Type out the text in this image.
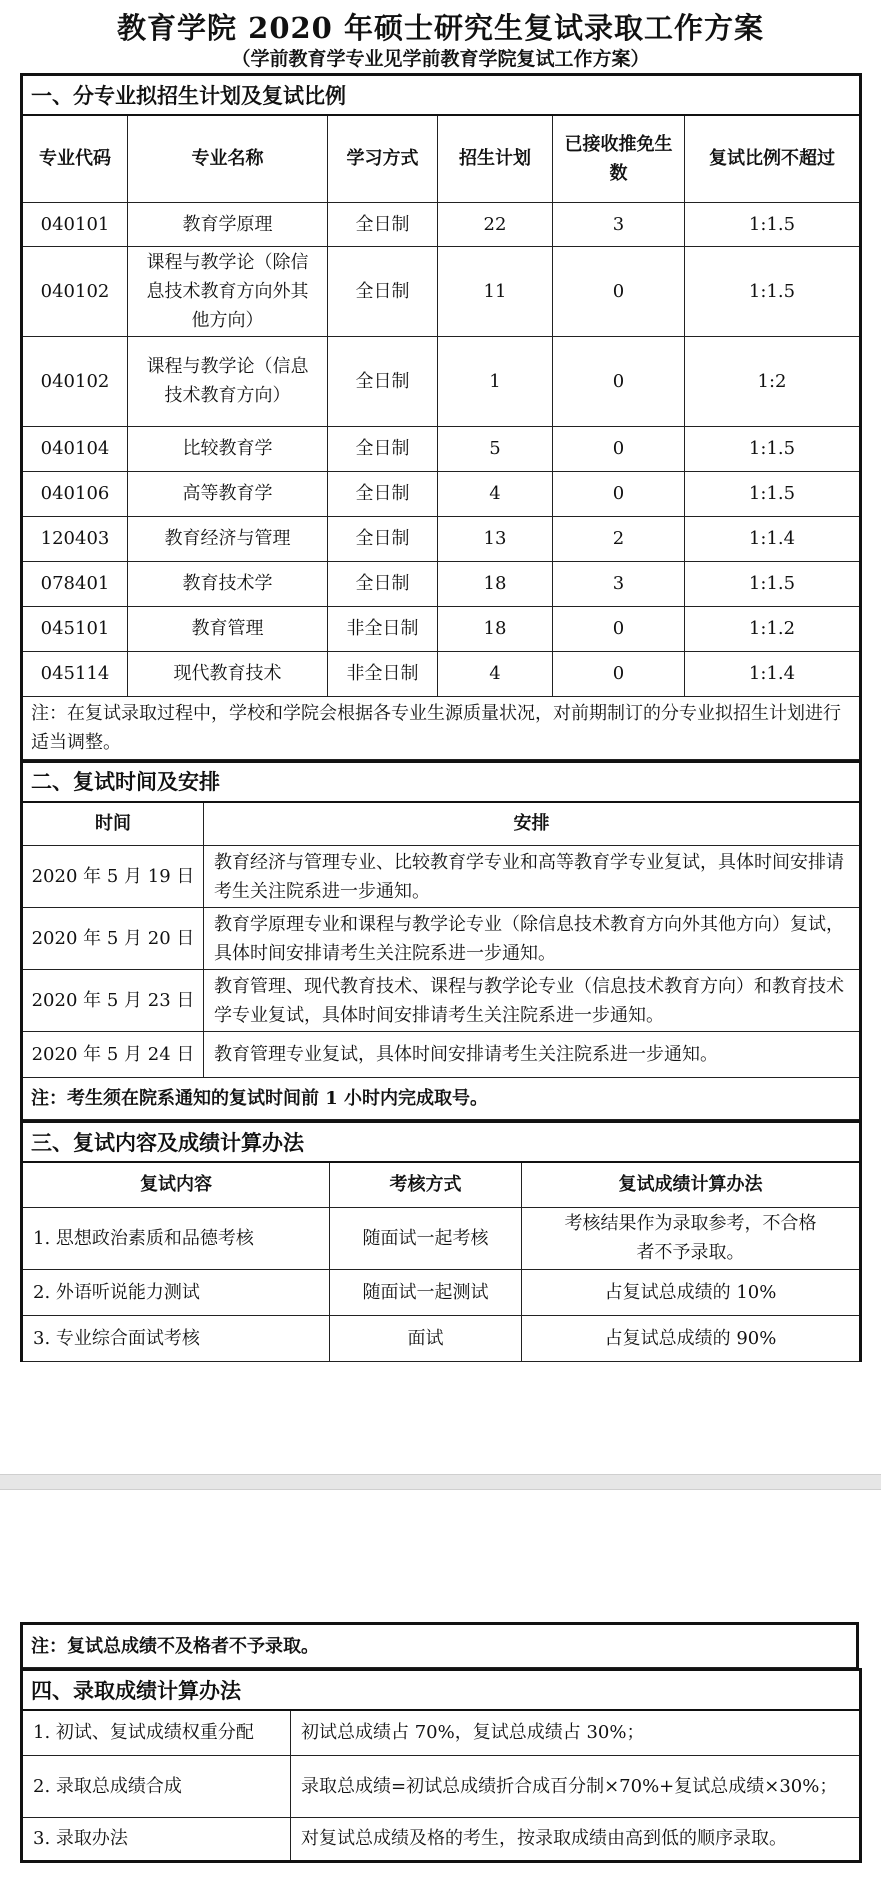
教育学院 2020 年硕士研究生复试录取工作方案
（学前教育学专业见学前教育学院复试工作方案）
一、分专业拟招生计划及复试比例					
专业代码	专业名称	学习方式	招生计划	已接收推免生数	复试比例不超过
040101	教育学原理	全日制	22	3	1:1.5
040102	课程与教学论（除信息技术教育方向外其他方向）	全日制	11	0	1:1.5
040102	课程与教学论（信息技术教育方向）	全日制	1	0	1:2
040104	比较教育学	全日制	5	0	1:1.5
040106	高等教育学	全日制	4	0	1:1.5
120403	教育经济与管理	全日制	13	2	1:1.4
078401	教育技术学	全日制	18	3	1:1.5
045101	教育管理	非全日制	18	0	1:1.2
045114	现代教育技术	非全日制	4	0	1:1.4
注：在复试录取过程中，学校和学院会根据各专业生源质量状况，对前期制订的分专业拟招生计划进行适当调整。					
二、复试时间及安排	
时间	安排
2020 年 5 月 19 日	教育经济与管理专业、比较教育学专业和高等教育学专业复试，具体时间安排请考生关注院系进一步通知。
2020 年 5 月 20 日	教育学原理专业和课程与教学论专业（除信息技术教育方向外其他方向）复试，具体时间安排请考生关注院系进一步通知。
2020 年 5 月 23 日	教育管理、现代教育技术、课程与教学论专业（信息技术教育方向）和教育技术学专业复试，具体时间安排请考生关注院系进一步通知。
2020 年 5 月 24 日	教育管理专业复试，具体时间安排请考生关注院系进一步通知。
注：考生须在院系通知的复试时间前 1 小时内完成取号。	
三、复试内容及成绩计算办法		
复试内容	考核方式	复试成绩计算办法
1. 思想政治素质和品德考核	随面试一起考核	考核结果作为录取参考，不合格者不予录取。
2. 外语听说能力测试	随面试一起测试	占复试总成绩的 10%
3. 专业综合面试考核	面试	占复试总成绩的 90%
注：复试总成绩不及格者不予录取。
四、录取成绩计算办法	
1. 初试、复试成绩权重分配	初试总成绩占 70%，复试总成绩占 30%；
2. 录取总成绩合成	录取总成绩=初试总成绩折合成百分制×70%+复试总成绩×30%；
3. 录取办法	对复试总成绩及格的考生，按录取成绩由高到低的顺序录取。
